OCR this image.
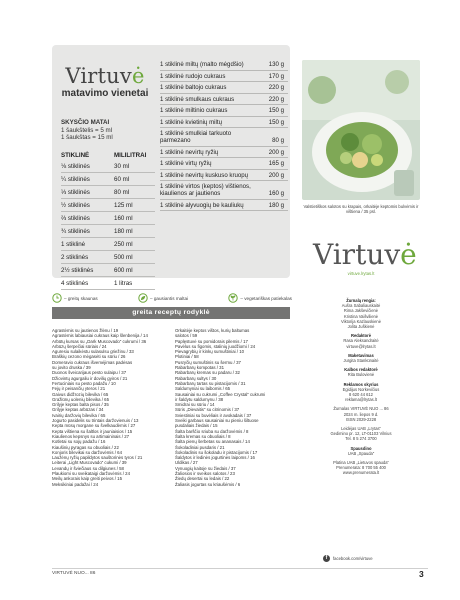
Virtuvė
matavimo vienetai
SKYSČIO MATAI
1 šaukštelis = 5 ml
1 šaukštas = 15 ml
STIKLINĖ	MILILITRAI
⅛ stiklinės	30 ml
¼ stiklinės	60 ml
⅓ stiklinės	80 ml
½ stiklinės	125 ml
⅔ stiklinės	160 ml
¾ stiklinės	180 ml
1 stiklinė	250 ml
2 stiklinės	500 ml
2½ stiklinės	600 ml
4 stiklinės	1 litras
1 stiklinė miltų (malto mėgdšio)	130 g
1 stiklinė rudojo cukraus	170 g
1 stiklinė baltojo cukraus	220 g
1 stiklinė smulkaus cukraus	220 g
1 stiklinė miltinio cukraus	150 g
1 stiklinė kvietinių miltų	150 g
1 stiklinė smulkiai tarkuoto parmezano	80 g
1 stiklinė nevirtų ryžių	200 g
1 stiklinė virtų ryžių	165 g
1 stiklinė nevirtų kuskuso kruopų	200 g
1 stiklinė virtos (keptos) vištienos, kiaulienos ar jautienos	160 g
1 stiklinė alyvuogių be kauliukų	180 g
– greitų skaunas	– gausiantis maltai	– vegetariškas patiekalas
greita receptų rodyklė
Agrastėmis su jautienos žlėnu / 19
Agrastėmis labiausiai cukraus kaip šlenbenija / 14
Arbūtų kursas su „Dark Muscovado“ cukrumi / 36
Arbūzų šerpečiai sūriais / 24
Aguresiu sulaikėstu sulasulsu griežinu / 33
Braškių cezono mėgasėti su sūriu / 26
Domeravio cukraus išvemėjimas padėsas
su jovito druska / 39
Duonos šveicarijaus pesto sulaipu / 37
Džiovintų agurgaliu ir dovilių gyiros / 21
Fertuciniais su pesto padažu / 10
Fejų ir peisančių yteros / 21
Gaivus didžrozių bilevika / 65
Gražiūnų uolenių bilevika / 65
Grilyje keptas balta pisos / 35
Grilyje keptas arbūzas / 34
Ivairių daržovių bilevika / 65
Jogurto pasidelis su trintais daržovienuis / 13
Kepta mūsų morgane su švelkaudėmis / 27
Kepta vištiena su šaltlos ir jauniaisios / 15
Kiaulienos kepsnys su artimaininais / 27
Kotletai su sojų padažu / 16
Kiaušinių pyragas su obuoliais / 22
Konjoris bilevikai su daržovėmis / 64
Laužėnų ryžių papildytos sauštorinės tyros / 21
Leiterai „Light Muscovado“ cukumi / 39
Levandų ir šviečiaus su dilgiunes / 58
Plaukiomi su sveikataigi daržovėmis / 24
Meilų ankorais kaip greiti peivos / 15
Meksikiniai padažai / 24
Orkaitėje keptos vištos, kurių baltumas
salotos / 59
Paplęstuvė su pomidorais pilemis / 17
Pavėlus su figomis, stalinių juodžiomi / 24
Pievagrybių ir kinkų sumuštiniai / 10
Plotiniai / 58
Pusryčių sumuštinis su šermu / 37
Rabarbarų kompotas / 31
Rabarbarų kremas su padaru / 32
Rabarbarų sultys / 30
Rabarbarų tartas su pistacijomis / 31
Saldumyniai su laibomis / 65
Sausainiai su cukrumi „Coffee Crystal“ cukrumi
ir šaldytu saldumynu / 38
Smidrai su sūriu / 14
Sūris „Dievaitis“ su citrinomis / 37
Sviestiniai su buvėliais ir avokadais / 37
Sveiki garbaus sausainiai su pieniu šiltuose
pusdaliais žiedais / 15
Šalta barščio sriuba su daržovėmis / 8
Šalta kremas su obuoliais / 8
Šalta pienų šerbetas su ananasais / 14
Šokoladiniai pusdaris / 21
Šokoladinis su šokoladu ir pistacijomis / 17
Šaldytos ir ledinės jogurtinės laipoms / 16
Uldikas / 27
Vynuogių kaitoje su žiedais / 37
Žaliosios ir sveikos salotos / 23
Žiedų desertai su ledais / 22
Žaliasis jogurtas su kriaušėmis / 6
Valstietiškos salotos su krapais, orkaitėje keptomis bulvėmis ir vištiena / 35 psl.
Virtuvė
virtuve.lrytas.lt
Žurnalą rengia:
Aušra Sabaliauskaitė
Rima Jakševičienė
Kristina Vaišvilienė
Viktorija Kazlauskienė
Jolita Juškienė
Redaktorė
Rasa Aleksandraitė
virtuve@lrytas.lt
Maketavimas
Jurgita Stankūnaitė
Kalbos redaktorė
Rita Bulovienė
Reklamos skyrius
Egidijus Norkevičius
8 620 44 612
reklama@lrytas.lt
Žurnalas VIRTUVĖ NUO ... 86
2024 m. liepos 9 d.
ISSN 2029-2228
Leidėjas UAB „Lrytas“
Gedimino pr. 12, LT-01103 Vilnius
Tel. 8 5 274 3700
Spausdino
UAB „Spauda“
Platina UAB „Lietuvos spauda“
Prenumerata: 8 700 55 400
www.prenumerata.lt
f	facebook.com/virtuve
VIRTUVĖ NUO... 86	3
